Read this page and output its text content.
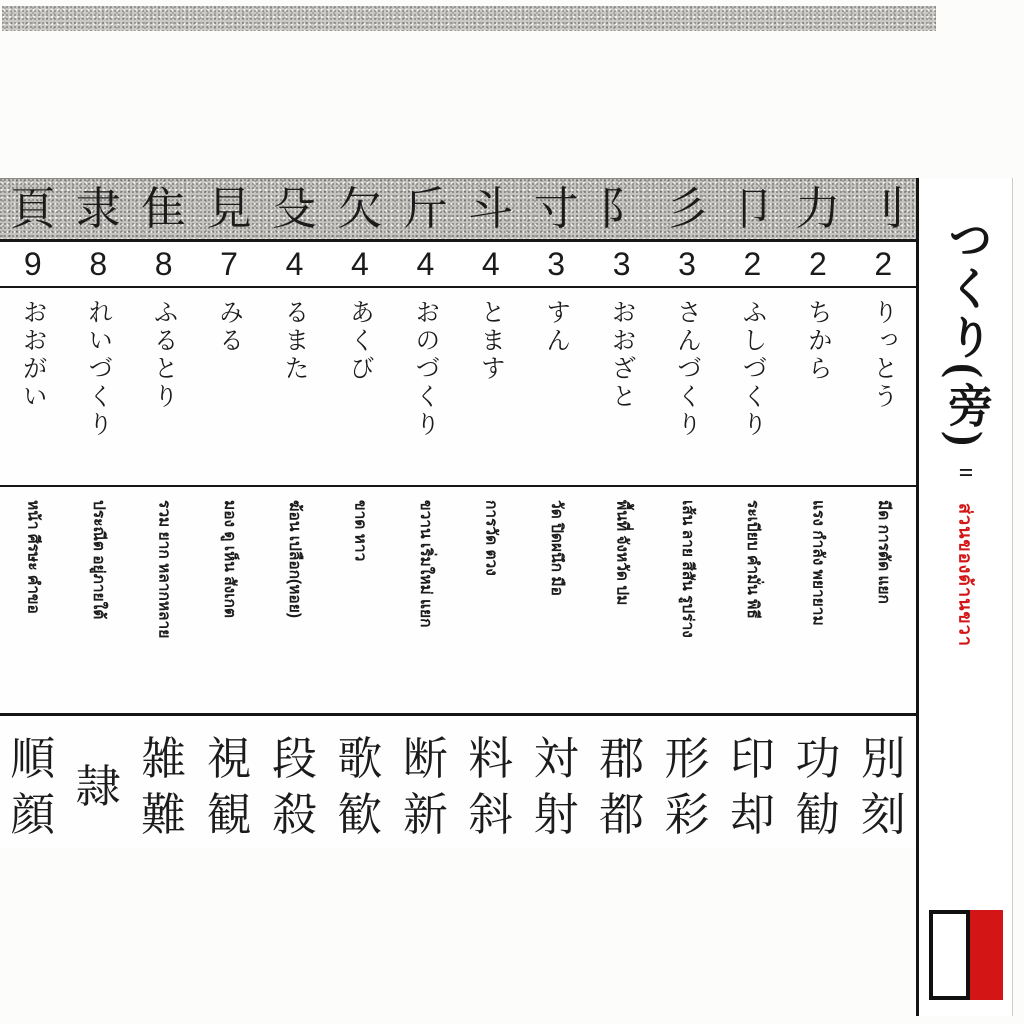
刂
力
卩
彡
阝
寸
斗
斤
欠
殳
見
隹
隶
頁
2
2
2
3
3
3
4
4
4
4
7
8
8
9
りっとう
ちから
ふしづくり
さんづくり
おおざと
すん
とます
おのづくり
あくび
るまた
みる
ふるとり
れいづくり
おおがい
มีด การตัด แยก
แรง กำลัง พยายาม
ระเบียบ คำมั่น พิธี
เส้น ลาย สีสัน รูปร่าง
พื้นที่ จังหวัด ปม
วัด ปิดผนึก มือ
การวัด ตวง
ขวาน เริ่มใหม่ แยก
ขาด หาว
ฆ้อน เปลือก(หอย)
มอง ดู เห็น สังเกต
รวม ยาก หลากหลาย
ประณีต อยู่ภายใต้
หน้า ศีรษะ คำขอ
別
刻
功
勧
印
却
形
彩
郡
都
対
射
料
斜
断
新
歌
歓
段
殺
視
観
雑
難
隷
順
顔
つくり(旁)
=
ส่วนของด้านขวา
